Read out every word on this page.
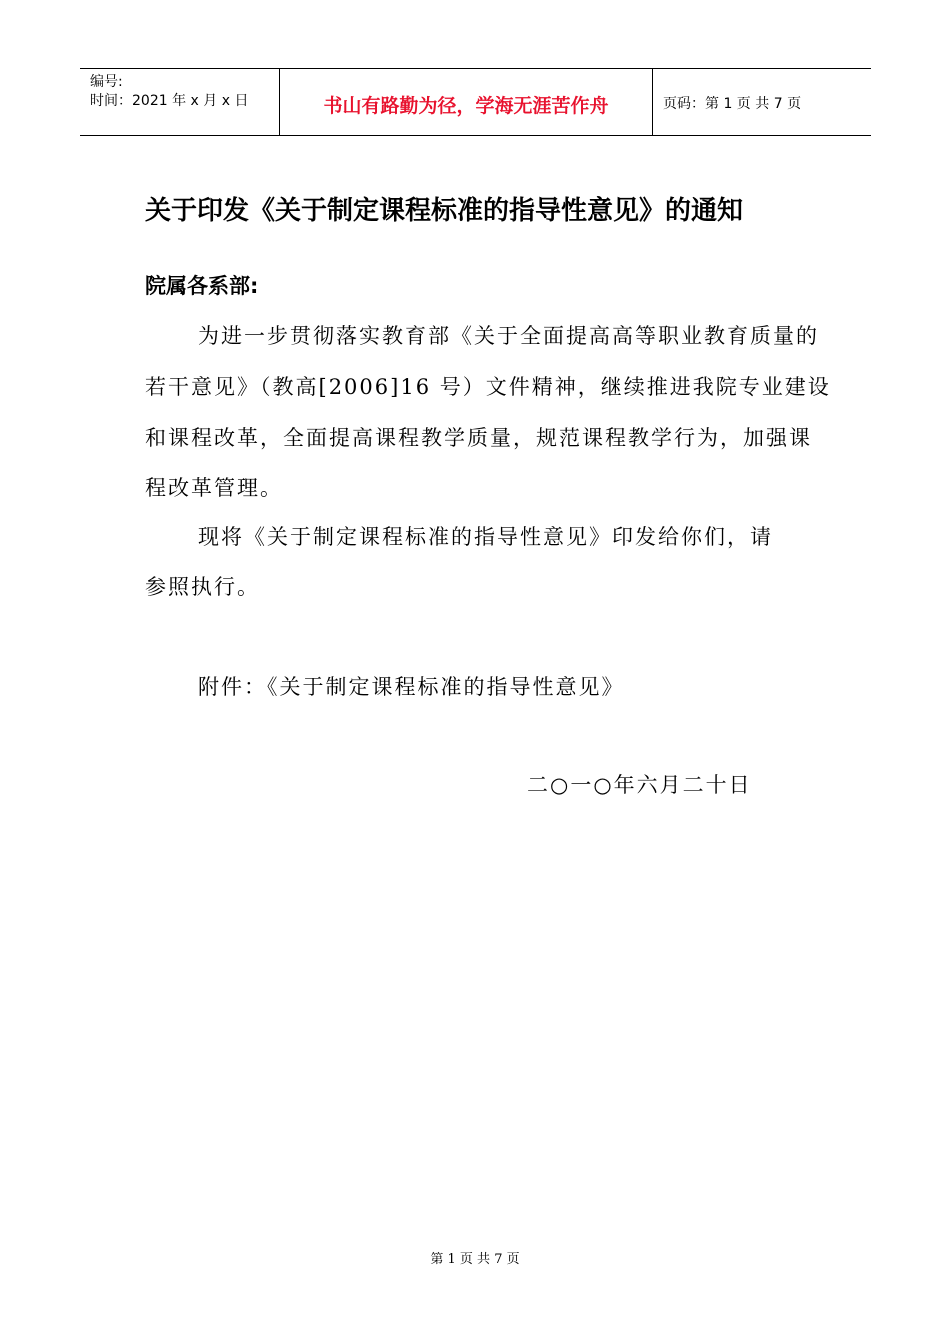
编号:
时间：2021 年 x 月 x 日	书山有路勤为径，学海无涯苦作舟	页码：第 1 页 共 7 页
关于印发《关于制定课程标准的指导性意见》的通知
院属各系部:
为进一步贯彻落实教育部《关于全面提高高等职业教育质量的
若干意见》（教高[2006]16 号）文件精神，继续推进我院专业建设
和课程改革，全面提高课程教学质量，规范课程教学行为，加强课
程改革管理。
现将《关于制定课程标准的指导性意见》印发给你们，请
参照执行。
附件：《关于制定课程标准的指导性意见》
二○一○年六月二十日
第 1 页 共 7 页
